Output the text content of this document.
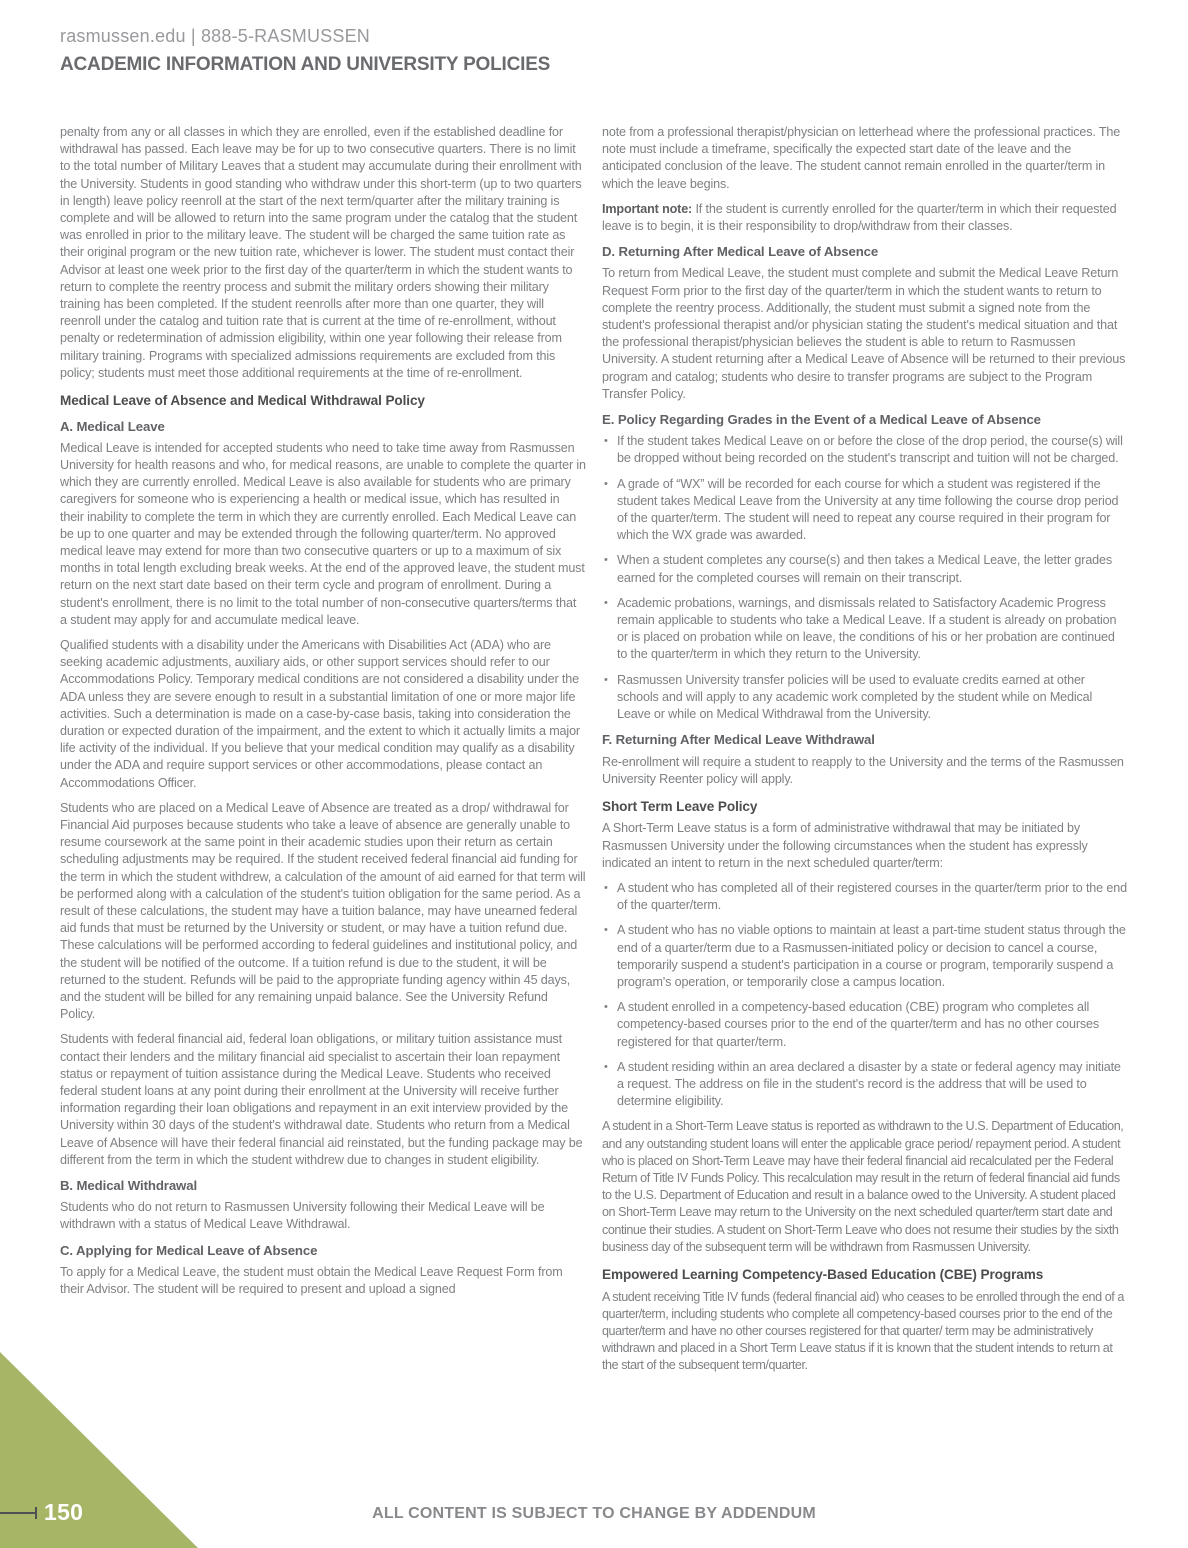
rasmussen.edu | 888-5-RASMUSSEN
ACADEMIC INFORMATION AND UNIVERSITY POLICIES

penalty from any or all classes in which they are enrolled, even if the established deadline for withdrawal has passed. Each leave may be for up to two consecutive quarters. There is no limit to the total number of Military Leaves that a student may accumulate during their enrollment with the University. Students in good standing who withdraw under this short-term (up to two quarters in length) leave policy reenroll at the start of the next term/quarter after the military training is complete and will be allowed to return into the same program under the catalog that the student was enrolled in prior to the military leave. The student will be charged the same tuition rate as their original program or the new tuition rate, whichever is lower. The student must contact their Advisor at least one week prior to the first day of the quarter/term in which the student wants to return to complete the reentry process and submit the military orders showing their military training has been completed. If the student reenrolls after more than one quarter, they will reenroll under the catalog and tuition rate that is current at the time of re-enrollment, without penalty or redetermination of admission eligibility, within one year following their release from military training. Programs with specialized admissions requirements are excluded from this policy; students must meet those additional requirements at the time of re-enrollment.

Medical Leave of Absence and Medical Withdrawal Policy
A. Medical Leave

Medical Leave is intended for accepted students who need to take time away from Rasmussen University for health reasons and who, for medical reasons, are unable to complete the quarter in which they are currently enrolled. Medical Leave is also available for students who are primary caregivers for someone who is experiencing a health or medical issue, which has resulted in their inability to complete the term in which they are currently enrolled. Each Medical Leave can be up to one quarter and may be extended through the following quarter/term. No approved medical leave may extend for more than two consecutive quarters or up to a maximum of six months in total length excluding break weeks. At the end of the approved leave, the student must return on the next start date based on their term cycle and program of enrollment. During a student's enrollment, there is no limit to the total number of non-consecutive quarters/terms that a student may apply for and accumulate medical leave.

Qualified students with a disability under the Americans with Disabilities Act (ADA) who are seeking academic adjustments, auxiliary aids, or other support services should refer to our Accommodations Policy. Temporary medical conditions are not considered a disability under the ADA unless they are severe enough to result in a substantial limitation of one or more major life activities. Such a determination is made on a case-by-case basis, taking into consideration the duration or expected duration of the impairment, and the extent to which it actually limits a major life activity of the individual. If you believe that your medical condition may qualify as a disability under the ADA and require support services or other accommodations, please contact an Accommodations Officer.

Students who are placed on a Medical Leave of Absence are treated as a drop/ withdrawal for Financial Aid purposes because students who take a leave of absence are generally unable to resume coursework at the same point in their academic studies upon their return as certain scheduling adjustments may be required. If the student received federal financial aid funding for the term in which the student withdrew, a calculation of the amount of aid earned for that term will be performed along with a calculation of the student's tuition obligation for the same period. As a result of these calculations, the student may have a tuition balance, may have unearned federal aid funds that must be returned by the University or student, or may have a tuition refund due. These calculations will be performed according to federal guidelines and institutional policy, and the student will be notified of the outcome. If a tuition refund is due to the student, it will be returned to the student. Refunds will be paid to the appropriate funding agency within 45 days, and the student will be billed for any remaining unpaid balance. See the University Refund Policy.

Students with federal financial aid, federal loan obligations, or military tuition assistance must contact their lenders and the military financial aid specialist to ascertain their loan repayment status or repayment of tuition assistance during the Medical Leave. Students who received federal student loans at any point during their enrollment at the University will receive further information regarding their loan obligations and repayment in an exit interview provided by the University within 30 days of the student's withdrawal date. Students who return from a Medical Leave of Absence will have their federal financial aid reinstated, but the funding package may be different from the term in which the student withdrew due to changes in student eligibility.

B. Medical Withdrawal

Students who do not return to Rasmussen University following their Medical Leave will be withdrawn with a status of Medical Leave Withdrawal.

C. Applying for Medical Leave of Absence

To apply for a Medical Leave, the student must obtain the Medical Leave Request Form from their Advisor. The student will be required to present and upload a signed

note from a professional therapist/physician on letterhead where the professional practices. The note must include a timeframe, specifically the expected start date of the leave and the anticipated conclusion of the leave. The student cannot remain enrolled in the quarter/term in which the leave begins.

Important note: If the student is currently enrolled for the quarter/term in which their requested leave is to begin, it is their responsibility to drop/withdraw from their classes.

D. Returning After Medical Leave of Absence

To return from Medical Leave, the student must complete and submit the Medical Leave Return Request Form prior to the first day of the quarter/term in which the student wants to return to complete the reentry process. Additionally, the student must submit a signed note from the student's professional therapist and/or physician stating the student's medical situation and that the professional therapist/physician believes the student is able to return to Rasmussen University. A student returning after a Medical Leave of Absence will be returned to their previous program and catalog; students who desire to transfer programs are subject to the Program Transfer Policy.

E. Policy Regarding Grades in the Event of a Medical Leave of Absence
• If the student takes Medical Leave on or before the close of the drop period, the course(s) will be dropped without being recorded on the student's transcript and tuition will not be charged.
• A grade of “WX” will be recorded for each course for which a student was registered if the student takes Medical Leave from the University at any time following the course drop period of the quarter/term. The student will need to repeat any course required in their program for which the WX grade was awarded.
• When a student completes any course(s) and then takes a Medical Leave, the letter grades earned for the completed courses will remain on their transcript.
• Academic probations, warnings, and dismissals related to Satisfactory Academic Progress remain applicable to students who take a Medical Leave. If a student is already on probation or is placed on probation while on leave, the conditions of his or her probation are continued to the quarter/term in which they return to the University.
• Rasmussen University transfer policies will be used to evaluate credits earned at other schools and will apply to any academic work completed by the student while on Medical Leave or while on Medical Withdrawal from the University.
F. Returning After Medical Leave Withdrawal

Re-enrollment will require a student to reapply to the University and the terms of the Rasmussen University Reenter policy will apply.

Short Term Leave Policy

A Short-Term Leave status is a form of administrative withdrawal that may be initiated by Rasmussen University under the following circumstances when the student has expressly indicated an intent to return in the next scheduled quarter/term:

• A student who has completed all of their registered courses in the quarter/term prior to the end of the quarter/term.
• A student who has no viable options to maintain at least a part-time student status through the end of a quarter/term due to a Rasmussen-initiated policy or decision to cancel a course, temporarily suspend a student's participation in a course or program, temporarily suspend a program's operation, or temporarily close a campus location.
• A student enrolled in a competency-based education (CBE) program who completes all competency-based courses prior to the end of the quarter/term and has no other courses registered for that quarter/term.
• A student residing within an area declared a disaster by a state or federal agency may initiate a request. The address on file in the student's record is the address that will be used to determine eligibility.

A student in a Short-Term Leave status is reported as withdrawn to the U.S. Department of Education, and any outstanding student loans will enter the applicable grace period/ repayment period. A student who is placed on Short-Term Leave may have their federal financial aid recalculated per the Federal Return of Title IV Funds Policy. This recalculation may result in the return of federal financial aid funds to the U.S. Department of Education and result in a balance owed to the University. A student placed on Short-Term Leave may return to the University on the next scheduled quarter/term start date and continue their studies. A student on Short-Term Leave who does not resume their studies by the sixth business day of the subsequent term will be withdrawn from Rasmussen University.

Empowered Learning Competency-Based Education (CBE) Programs

A student receiving Title IV funds (federal financial aid) who ceases to be enrolled through the end of a quarter/term, including students who complete all competency-based courses prior to the end of the quarter/term and have no other courses registered for that quarter/ term may be administratively withdrawn and placed in a Short Term Leave status if it is known that the student intends to return at the start of the subsequent term/quarter.

150	ALL CONTENT IS SUBJECT TO CHANGE BY ADDENDUM
